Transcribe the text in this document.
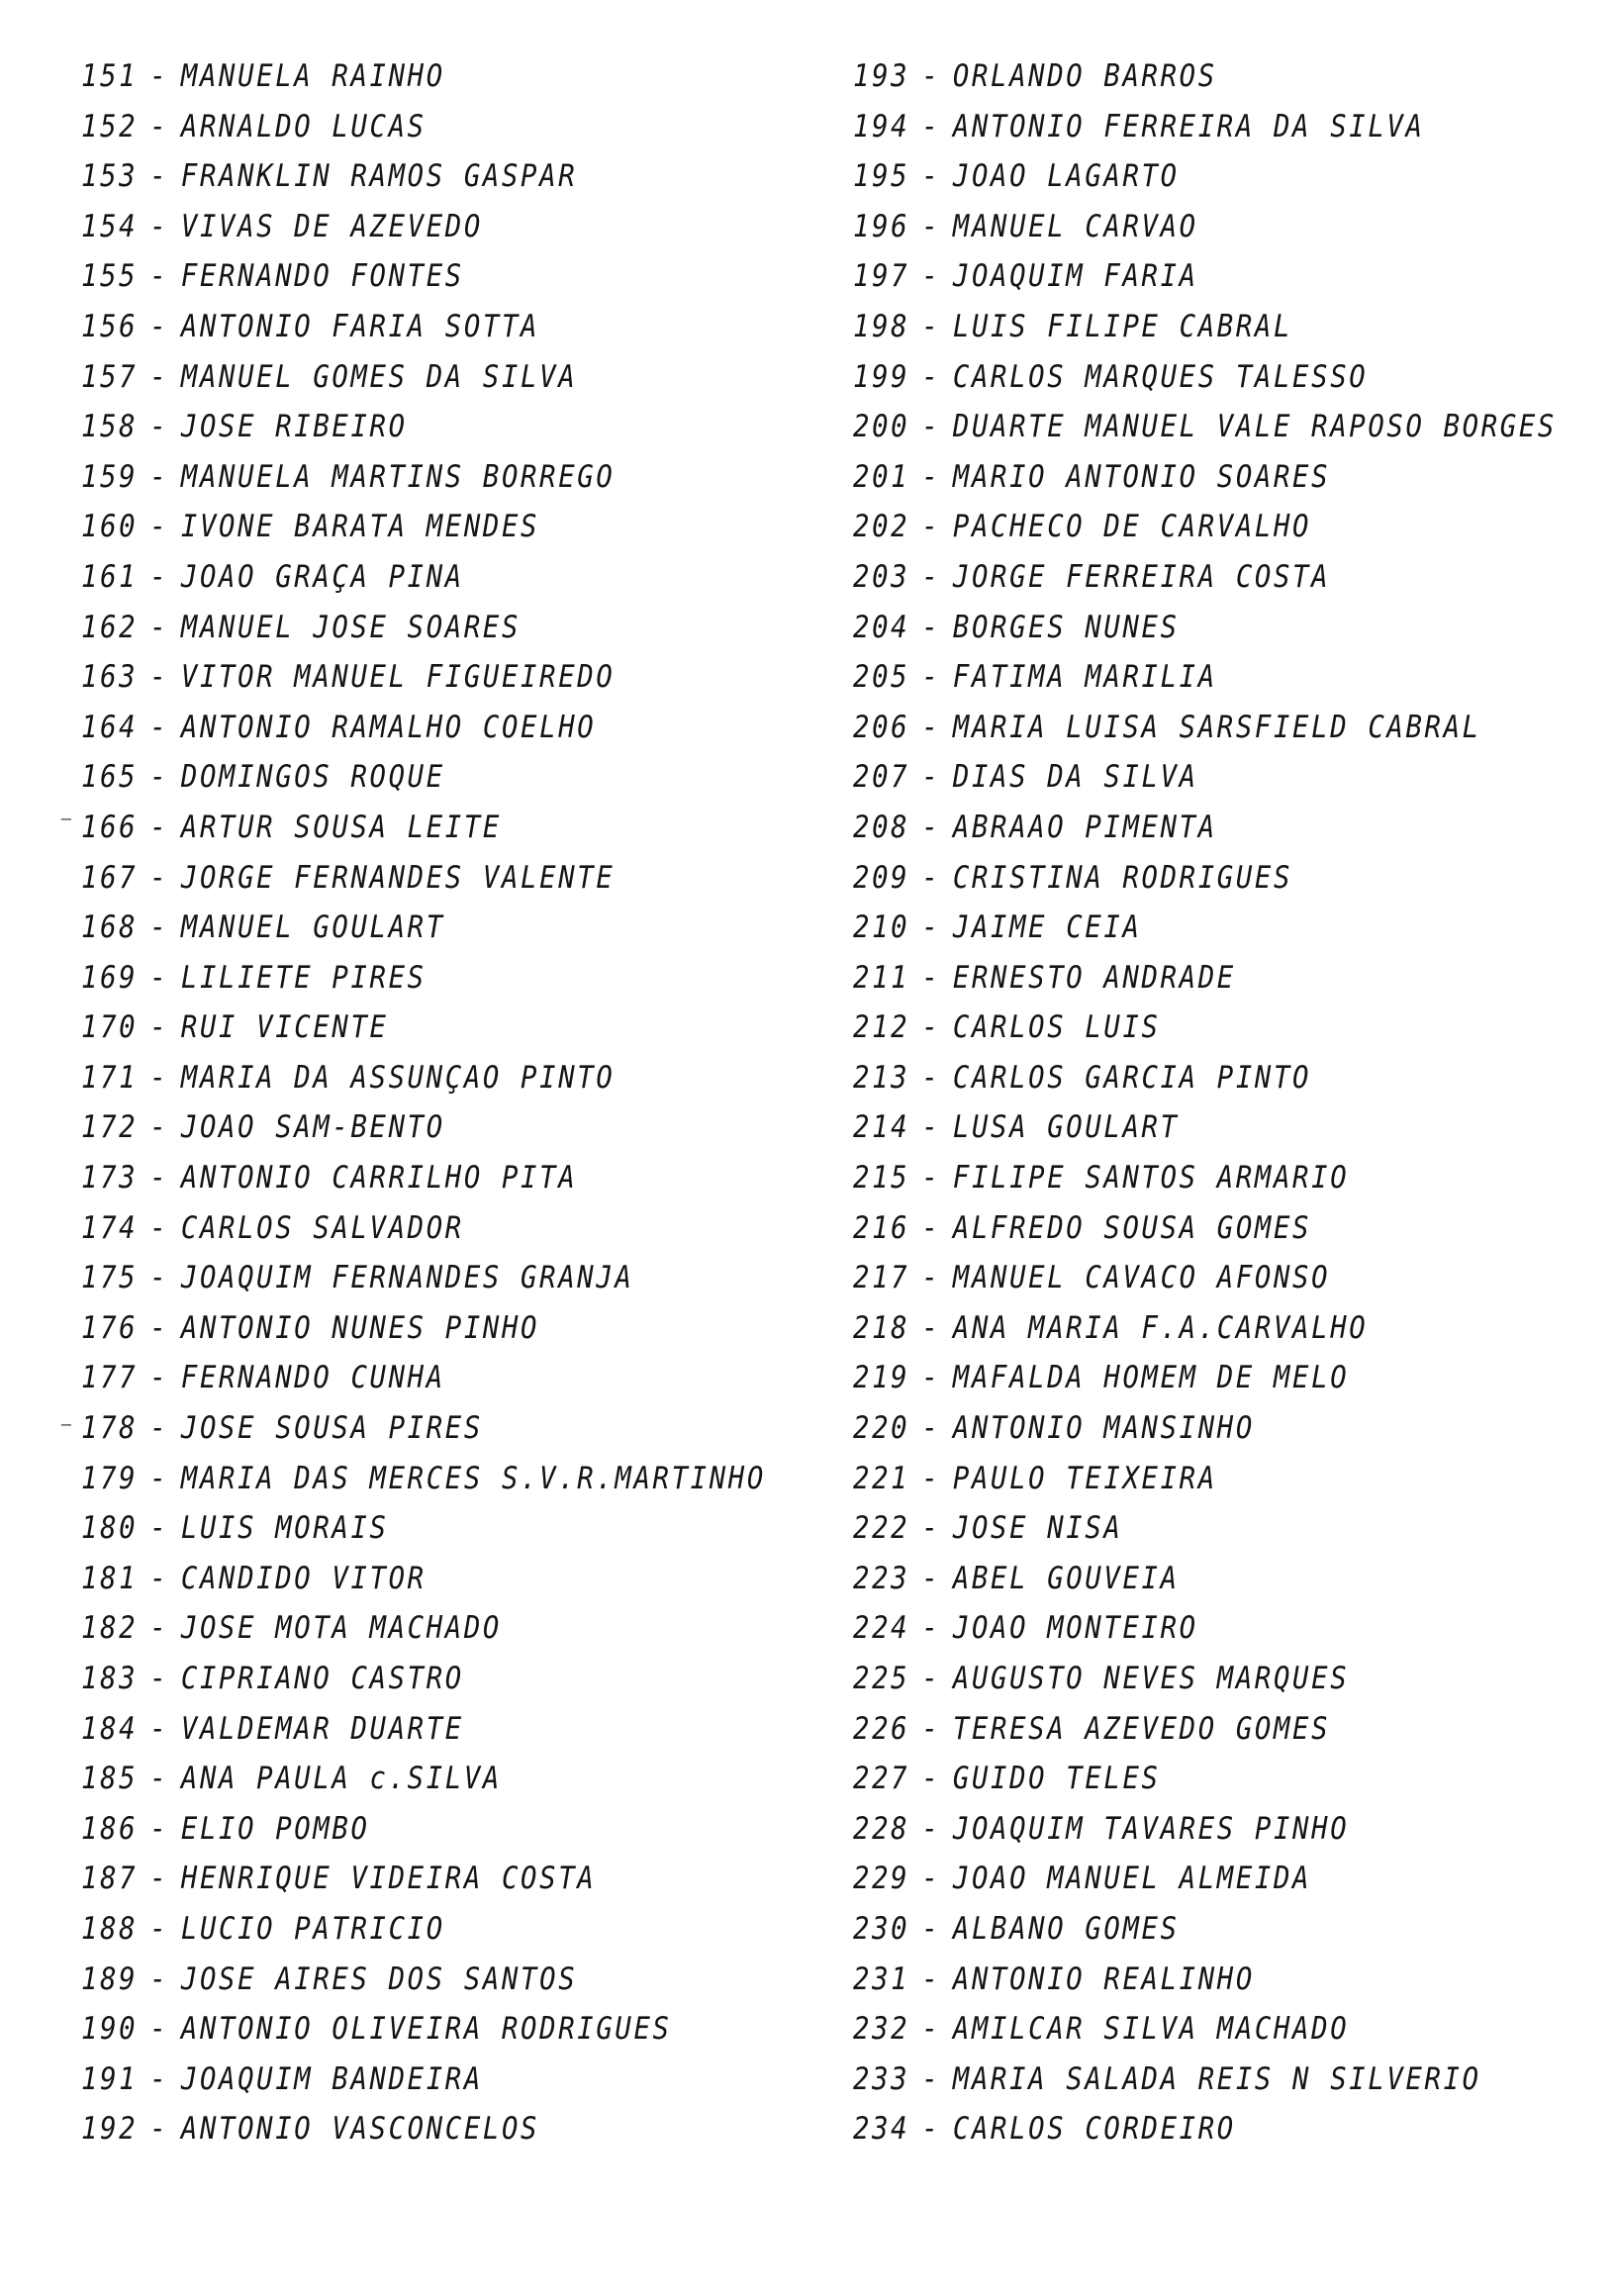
151 - MANUELA RAINHO
152 - ARNALDO LUCAS
153 - FRANKLIN RAMOS GASPAR
154 - VIVAS DE AZEVEDO
155 - FERNANDO FONTES
156 - ANTONIO FARIA SOTTA
157 - MANUEL GOMES DA SILVA
158 - JOSE RIBEIRO
159 - MANUELA MARTINS BORREGO
160 - IVONE BARATA MENDES
161 - JOAO GRAÇA PINA
162 - MANUEL JOSE SOARES
163 - VITOR MANUEL FIGUEIREDO
164 - ANTONIO RAMALHO COELHO
165 - DOMINGOS ROQUE
166 - ARTUR SOUSA LEITE
167 - JORGE FERNANDES VALENTE
168 - MANUEL GOULART
169 - LILIETE PIRES
170 - RUI VICENTE
171 - MARIA DA ASSUNÇAO PINTO
172 - JOAO SAM-BENTO
173 - ANTONIO CARRILHO PITA
174 - CARLOS SALVADOR
175 - JOAQUIM FERNANDES GRANJA
176 - ANTONIO NUNES PINHO
177 - FERNANDO CUNHA
178 - JOSE SOUSA PIRES
179 - MARIA DAS MERCES S.V.R.MARTINHO
180 - LUIS MORAIS
181 - CANDIDO VITOR
182 - JOSE MOTA MACHADO
183 - CIPRIANO CASTRO
184 - VALDEMAR DUARTE
185 - ANA PAULA c.SILVA
186 - ELIO POMBO
187 - HENRIQUE VIDEIRA COSTA
188 - LUCIO PATRICIO
189 - JOSE AIRES DOS SANTOS
190 - ANTONIO OLIVEIRA RODRIGUES
191 - JOAQUIM BANDEIRA
192 - ANTONIO VASCONCELOS
193 - ORLANDO BARROS
194 - ANTONIO FERREIRA DA SILVA
195 - JOAO LAGARTO
196 - MANUEL CARVAO
197 - JOAQUIM FARIA
198 - LUIS FILIPE CABRAL
199 - CARLOS MARQUES TALESSO
200 - DUARTE MANUEL VALE RAPOSO BORGES
201 - MARIO ANTONIO SOARES
202 - PACHECO DE CARVALHO
203 - JORGE FERREIRA COSTA
204 - BORGES NUNES
205 - FATIMA MARILIA
206 - MARIA LUISA SARSFIELD CABRAL
207 - DIAS DA SILVA
208 - ABRAAO PIMENTA
209 - CRISTINA RODRIGUES
210 - JAIME CEIA
211 - ERNESTO ANDRADE
212 - CARLOS LUIS
213 - CARLOS GARCIA PINTO
214 - LUSA GOULART
215 - FILIPE SANTOS ARMARIO
216 - ALFREDO SOUSA GOMES
217 - MANUEL CAVACO AFONSO
218 - ANA MARIA F.A.CARVALHO
219 - MAFALDA HOMEM DE MELO
220 - ANTONIO MANSINHO
221 - PAULO TEIXEIRA
222 - JOSE NISA
223 - ABEL GOUVEIA
224 - JOAO MONTEIRO
225 - AUGUSTO NEVES MARQUES
226 - TERESA AZEVEDO GOMES
227 - GUIDO TELES
228 - JOAQUIM TAVARES PINHO
229 - JOAO MANUEL ALMEIDA
230 - ALBANO GOMES
231 - ANTONIO REALINHO
232 - AMILCAR SILVA MACHADO
233 - MARIA SALADA REIS N SILVERIO
234 - CARLOS CORDEIRO
⁻
⁻
